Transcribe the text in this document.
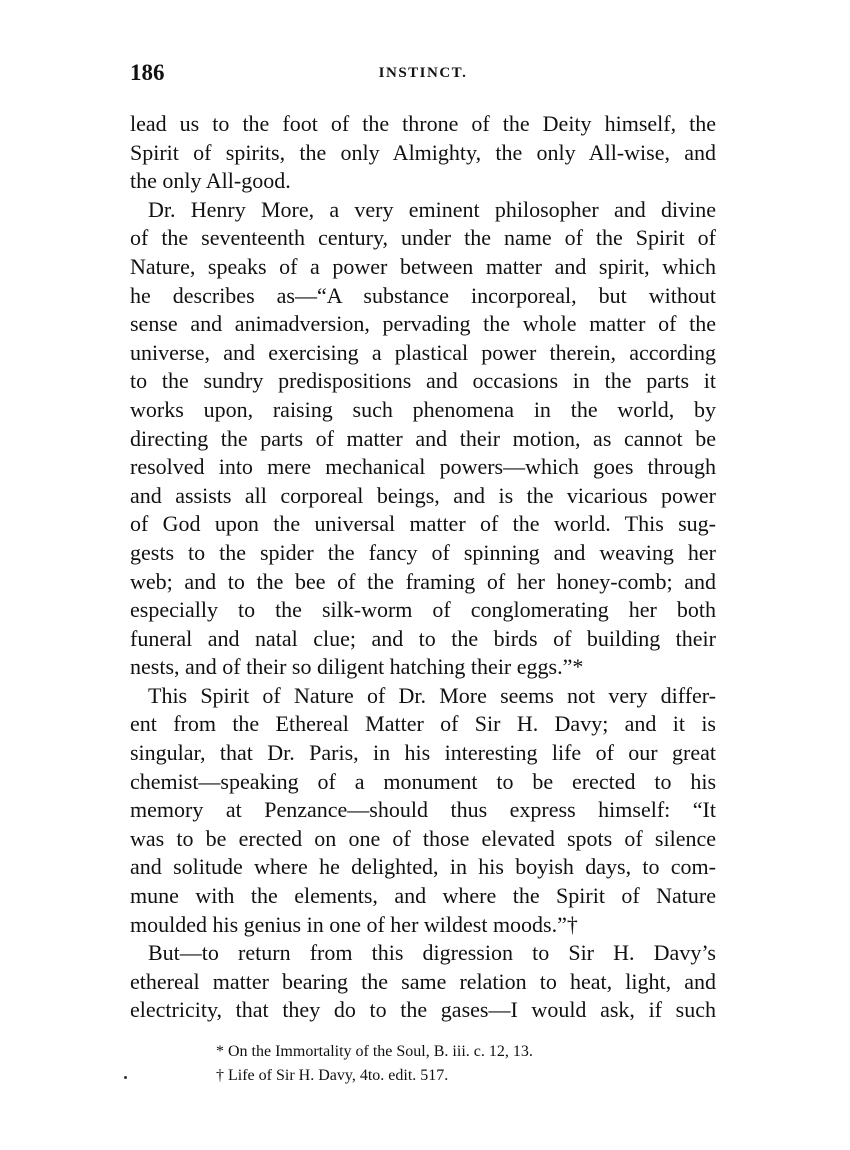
186	INSTINCT.
lead us to the foot of the throne of the Deity himself, the
Spirit of spirits, the only Almighty, the only All-wise, and
the only All-good.
Dr. Henry More, a very eminent philosopher and divine
of the seventeenth century, under the name of the Spirit of
Nature, speaks of a power between matter and spirit, which
he describes as—“A substance incorporeal, but without
sense and animadversion, pervading the whole matter of the
universe, and exercising a plastical power therein, according
to the sundry predispositions and occasions in the parts it
works upon, raising such phenomena in the world, by
directing the parts of matter and their motion, as cannot be
resolved into mere mechanical powers—which goes through
and assists all corporeal beings, and is the vicarious power
of God upon the universal matter of the world. This sug-
gests to the spider the fancy of spinning and weaving her
web; and to the bee of the framing of her honey-comb; and
especially to the silk-worm of conglomerating her both
funeral and natal clue; and to the birds of building their
nests, and of their so diligent hatching their eggs.”*
This Spirit of Nature of Dr. More seems not very differ-
ent from the Ethereal Matter of Sir H. Davy; and it is
singular, that Dr. Paris, in his interesting life of our great
chemist—speaking of a monument to be erected to his
memory at Penzance—should thus express himself: “It
was to be erected on one of those elevated spots of silence
and solitude where he delighted, in his boyish days, to com-
mune with the elements, and where the Spirit of Nature
moulded his genius in one of her wildest moods.”†
But—to return from this digression to Sir H. Davy’s
ethereal matter bearing the same relation to heat, light, and
electricity, that they do to the gases—I would ask, if such
* On the Immortality of the Soul, B. iii. c. 12, 13.
† Life of Sir H. Davy, 4to. edit. 517.
